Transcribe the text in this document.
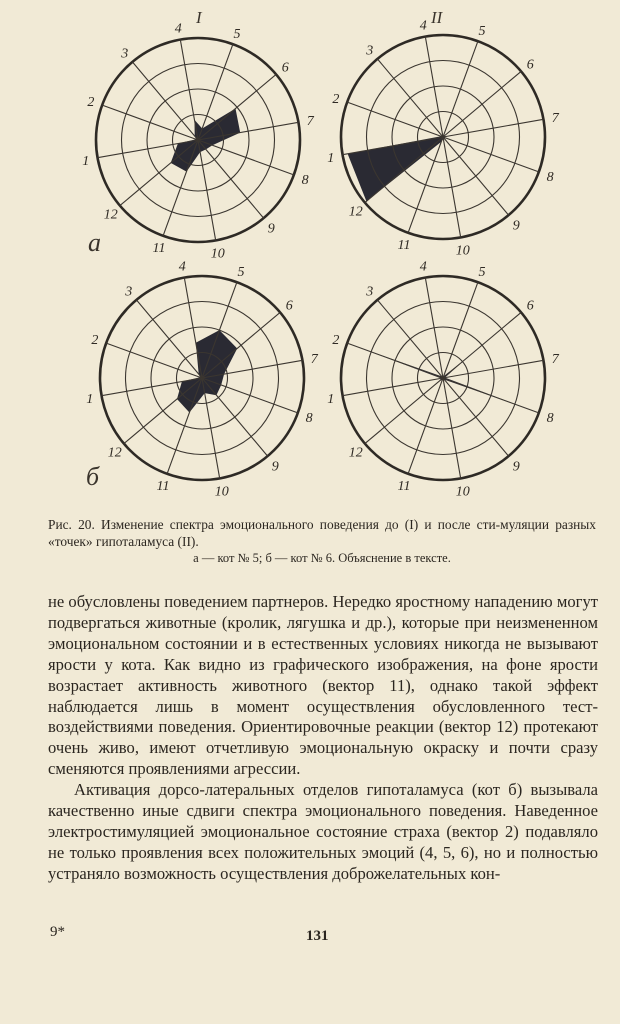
I	II
а
б
1
2
3
4	5
6
7
8
9
10
11
12
1
2
3
4	5
6
7
8
9
10
11
12
1
2
3
4	5
6
7
8
9
10
11
12
1
2
3
4	5
6
7
8
9
10
11
12
Рис. 20. Изменение спектра эмоционального поведения до (I) и после сти-муляции разных «точек» гипоталамуса (II).
а — кот № 5; б — кот № 6. Объяснение в тексте.

не обусловлены поведением партнеров. Нередко яростному нападению могут подвергаться животные (кролик, лягушка и др.), которые при неизмененном эмоциональном состоянии и в естественных условиях никогда не вызывают ярости у кота. Как видно из графического изображения, на фоне ярости возрастает активность животного (вектор 11), однако такой эффект наблюдается лишь в момент осуществления обусловленного тест-воздействиями поведения. Ориентировочные реакции (вектор 12) протекают очень живо, имеют отчетливую эмоциональную окраску и почти сразу сменяются проявлениями агрессии.

Активация дорсо-латеральных отделов гипоталамуса (кот б) вызывала качественно иные сдвиги спектра эмоционального поведения. Наведенное электростимуляцией эмоциональное состояние страха (вектор 2) подавляло не только проявления всех положительных эмоций (4, 5, 6), но и полностью устраняло возможность осуществления доброжелательных кон-

9*	131
